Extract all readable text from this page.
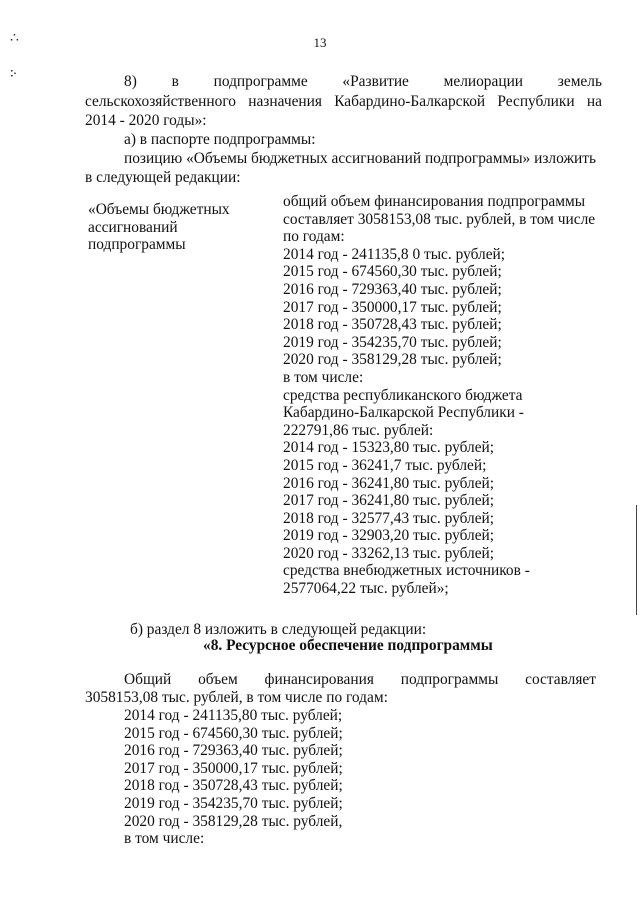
∴
∶·
13
8) в подпрограмме «Развитие мелиорации земель
сельскохозяйственного назначения Кабардино-Балкарской Республики на
2014 - 2020 годы»:
а) в паспорте подпрограммы:
позицию «Объемы бюджетных ассигнований подпрограммы» изложить
в следующей редакции:
«Объемы бюджетных
ассигнований
подпрограммы
общий объем финансирования подпрограммы
составляет 3058153,08 тыс. рублей, в том числе
по годам:
2014 год - 241135,8 0 тыс. рублей;
2015 год - 674560,30 тыс. рублей;
2016 год - 729363,40 тыс. рублей;
2017 год - 350000,17 тыс. рублей;
2018 год - 350728,43 тыс. рублей;
2019 год - 354235,70 тыс. рублей;
2020 год - 358129,28 тыс. рублей;
в том числе:
средства республиканского бюджета
Кабардино-Балкарской Республики -
222791,86 тыс. рублей:
2014 год - 15323,80 тыс. рублей;
2015 год - 36241,7 тыс. рублей;
2016 год - 36241,80 тыс. рублей;
2017 год - 36241,80 тыс. рублей;
2018 год - 32577,43 тыс. рублей;
2019 год - 32903,20 тыс. рублей;
2020 год - 33262,13 тыс. рублей;
средства внебюджетных источников -
2577064,22 тыс. рублей»;
б) раздел 8 изложить в следующей редакции:
«8. Ресурсное обеспечение подпрограммы
Общий объем финансирования подпрограммы составляет
3058153,08 тыс. рублей, в том числе по годам:
2014 год - 241135,80 тыс. рублей;
2015 год - 674560,30 тыс. рублей;
2016 год - 729363,40 тыс. рублей;
2017 год - 350000,17 тыс. рублей;
2018 год - 350728,43 тыс. рублей;
2019 год - 354235,70 тыс. рублей;
2020 год - 358129,28 тыс. рублей,
в том числе:
